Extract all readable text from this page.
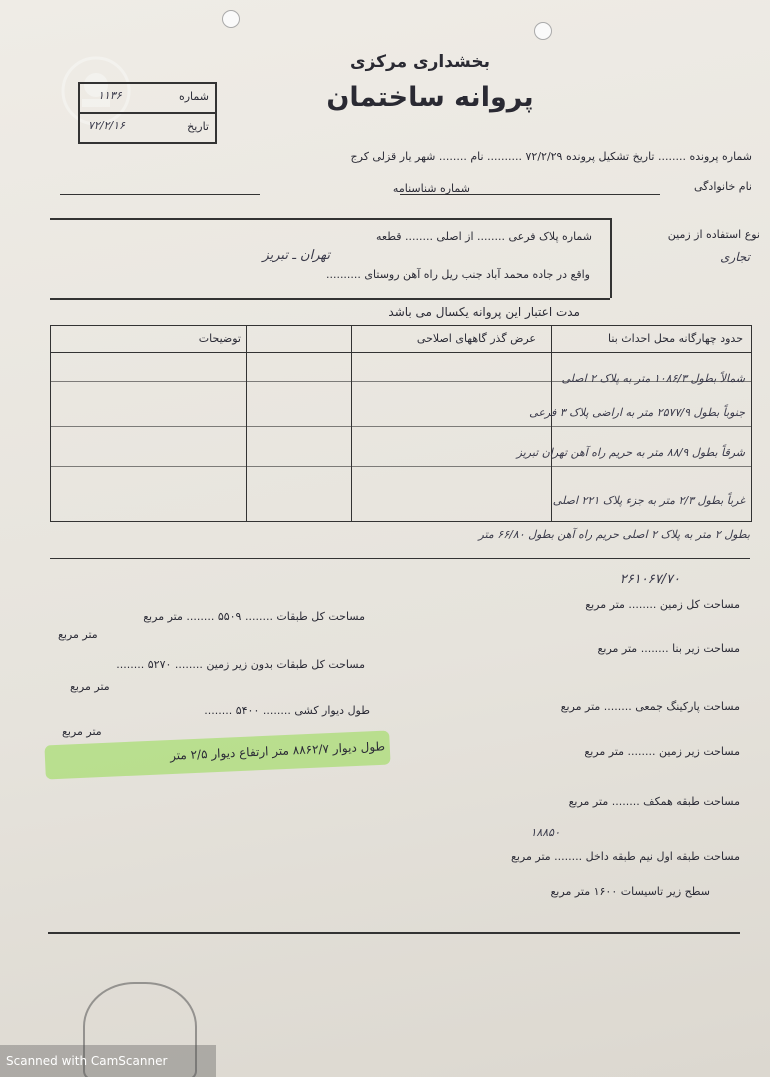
بخشداری مرکزی
پروانه ساختمان
شماره
۱۱۳۶
تاریخ
۷۲/۲/۱۶
شماره پرونده ........ تاریخ تشکیل پرونده ۷۲/۲/۲۹ .......... نام ........ شهر یار قزلی کرج
نام خانوادگی
شماره شناسنامه
نوع استفاده از زمین
تجاری
شماره پلاک فرعی ........ از اصلی ........ قطعه
تهران ـ تبریز
واقع در جاده محمد آباد جنب ریل راه آهن روستای ..........
مدت اعتبار این پروانه یکسال می باشد
حدود چهارگانه محل احداث بنا
عرض گذر گاههای اصلاحی
توضیحات
شمالاً بطول ۱۰۸۶/۳ متر به پلاک ۲ اصلی
جنوباً بطول ۲۵۷۷/۹ متر به اراضی پلاک ۳ فرعی
شرقاً بطول ۸۸/۹ متر به حریم راه آهن تهران تبریز
غرباً بطول ۲/۳ متر به جزء پلاک ۲۲۱ اصلی
بطول ۲ متر به پلاک ۲ اصلی حریم راه آهن بطول ۶۶/۸۰ متر
۲۶۱۰۶۷/۷۰
مساحت کل زمین ........ متر مربع
مساحت زیر بنا ........ متر مربع
مساحت پارکینگ جمعی ........ متر مربع
مساحت زیر زمین ........ متر مربع
مساحت طبقه همکف ........ متر مربع
۱۸۸۵۰
مساحت طبقه اول نیم طبقه داخل ........ متر مربع
سطح زیر تاسیسات ۱۶۰۰ متر مربع
مساحت کل طبقات ........ ۵۵۰۹ ........ متر مربع
متر مربع
مساحت کل طبقات بدون زیر زمین ........ ۵۲۷۰ ........
متر مربع
طول دیوار کشی ........ ۵۴۰۰ ........
متر مربع
طول دیوار ۸۸۶۲/۷ متر ارتفاع دیوار ۲/۵ متر
Scanned with CamScanner
